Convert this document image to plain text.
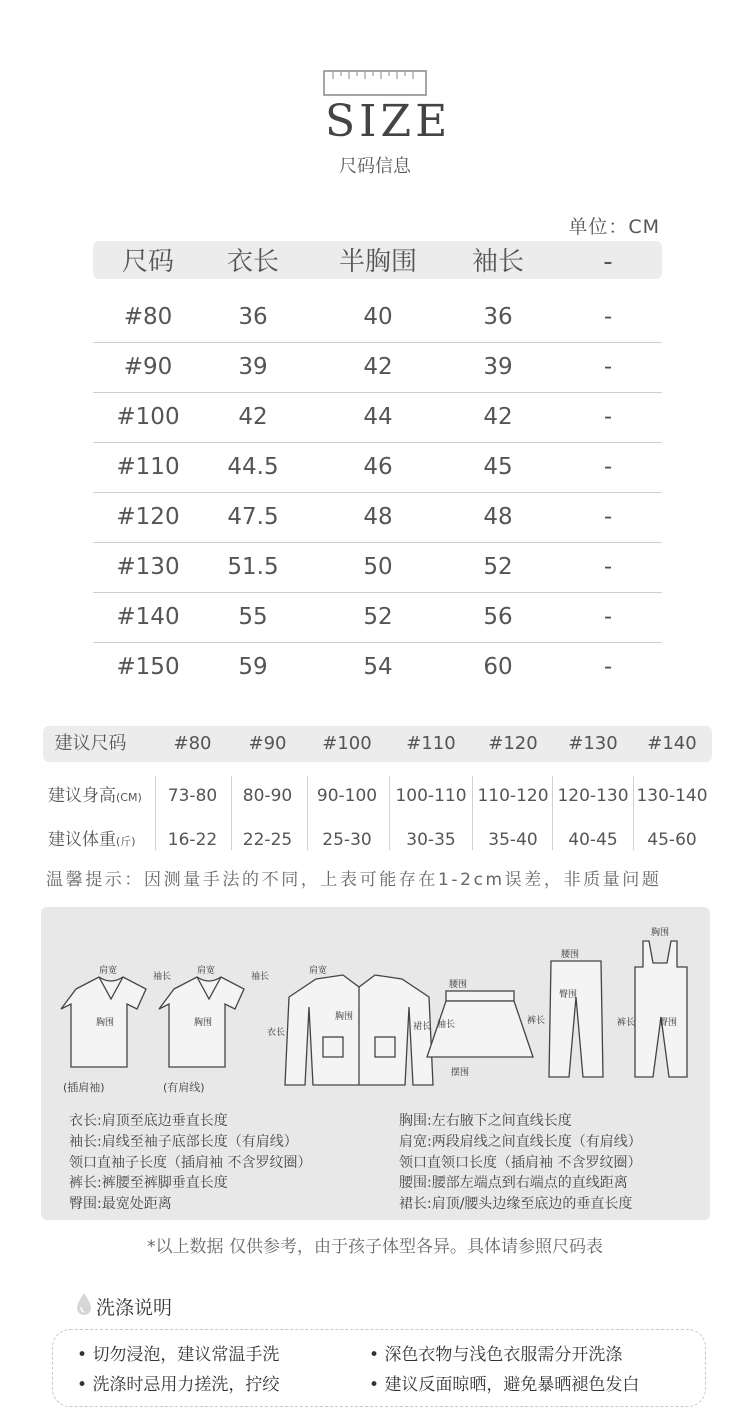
SIZE
尺码信息
单位：CM
尺码	衣长	半胸围	袖长	-
#80	36	40	36	-
#90	39	42	39	-
#100	42	44	42	-
#110	44.5	46	45	-
#120	47.5	48	48	-
#130	51.5	50	52	-
#140	55	52	56	-
#150	59	54	60	-
建议尺码	#80	#90	#100	#110	#120	#130	#140
建议身高(CM)	73-80	80-90	90-100	100-110 110-120 120-130 130-140
建议体重(斤)	16-22	22-25	25-30	30-35	35-40	40-45	45-60
温馨提示：因测量手法的不同，上表可能存在1-2cm误差，非质量问题
肩宽
胸围
袖长
肩宽
胸围
袖长
肩宽
胸围
衣长
袖长
腰围
裙长
摆围
腰围
臀围
裤长
胸围
臀围
裤长
(插肩袖)	(有肩线)
衣长:肩顶至底边垂直长度
袖长:肩线至袖子底部长度（有肩线）
领口直袖子长度（插肩袖 不含罗纹圈）
裤长:裤腰至裤脚垂直长度
臀围:最宽处距离
胸围:左右腋下之间直线长度
肩宽:两段肩线之间直线长度（有肩线）
领口直领口长度（插肩袖 不含罗纹圈）
腰围:腰部左端点到右端点的直线距离
裙长:肩顶/腰头边缘至底边的垂直长度
*以上数据 仅供参考，由于孩子体型各异。具体请参照尺码表
洗涤说明
• 切勿浸泡，建议常温手洗	• 深色衣物与浅色衣服需分开洗涤
• 洗涤时忌用力搓洗，拧绞	• 建议反面晾晒，避免暴晒褪色发白
